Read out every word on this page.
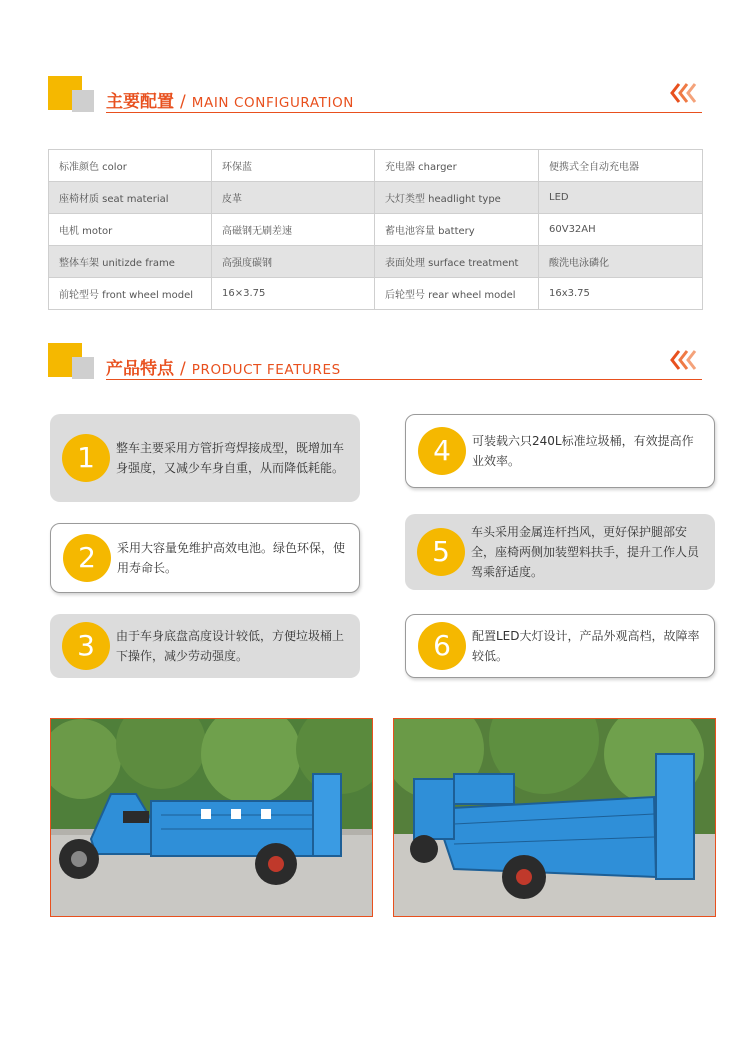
主要配置 / MAIN CONFIGURATION
标准颜色 color	环保蓝	充电器 charger	便携式全自动充电器
座椅材质 seat material	皮革	大灯类型 headlight type	LED
电机 motor	高磁钢无刷差速	蓄电池容量 battery	60V32AH
整体车架 unitizde frame	高强度碳钢	表面处理 surface treatment	酸洗电泳磷化
前轮型号 front wheel model	16×3.75	后轮型号 rear wheel model	16x3.75
产品特点 / PRODUCT FEATURES
1	整车主要采用方管折弯焊接成型，既增加车身强度，又减少车身自重，从而降低耗能。
2	采用大容量免维护高效电池。绿色环保，使用寿命长。
3	由于车身底盘高度设计较低，方便垃圾桶上下操作，减少劳动强度。
4	可装载六只240L标准垃圾桶，有效提高作业效率。
5
车头采用金属连杆挡风，更好保护腿部安全，座椅两侧加装塑料扶手，提升工作人员驾乘舒适度。
6	配置LED大灯设计，产品外观高档，故障率较低。
